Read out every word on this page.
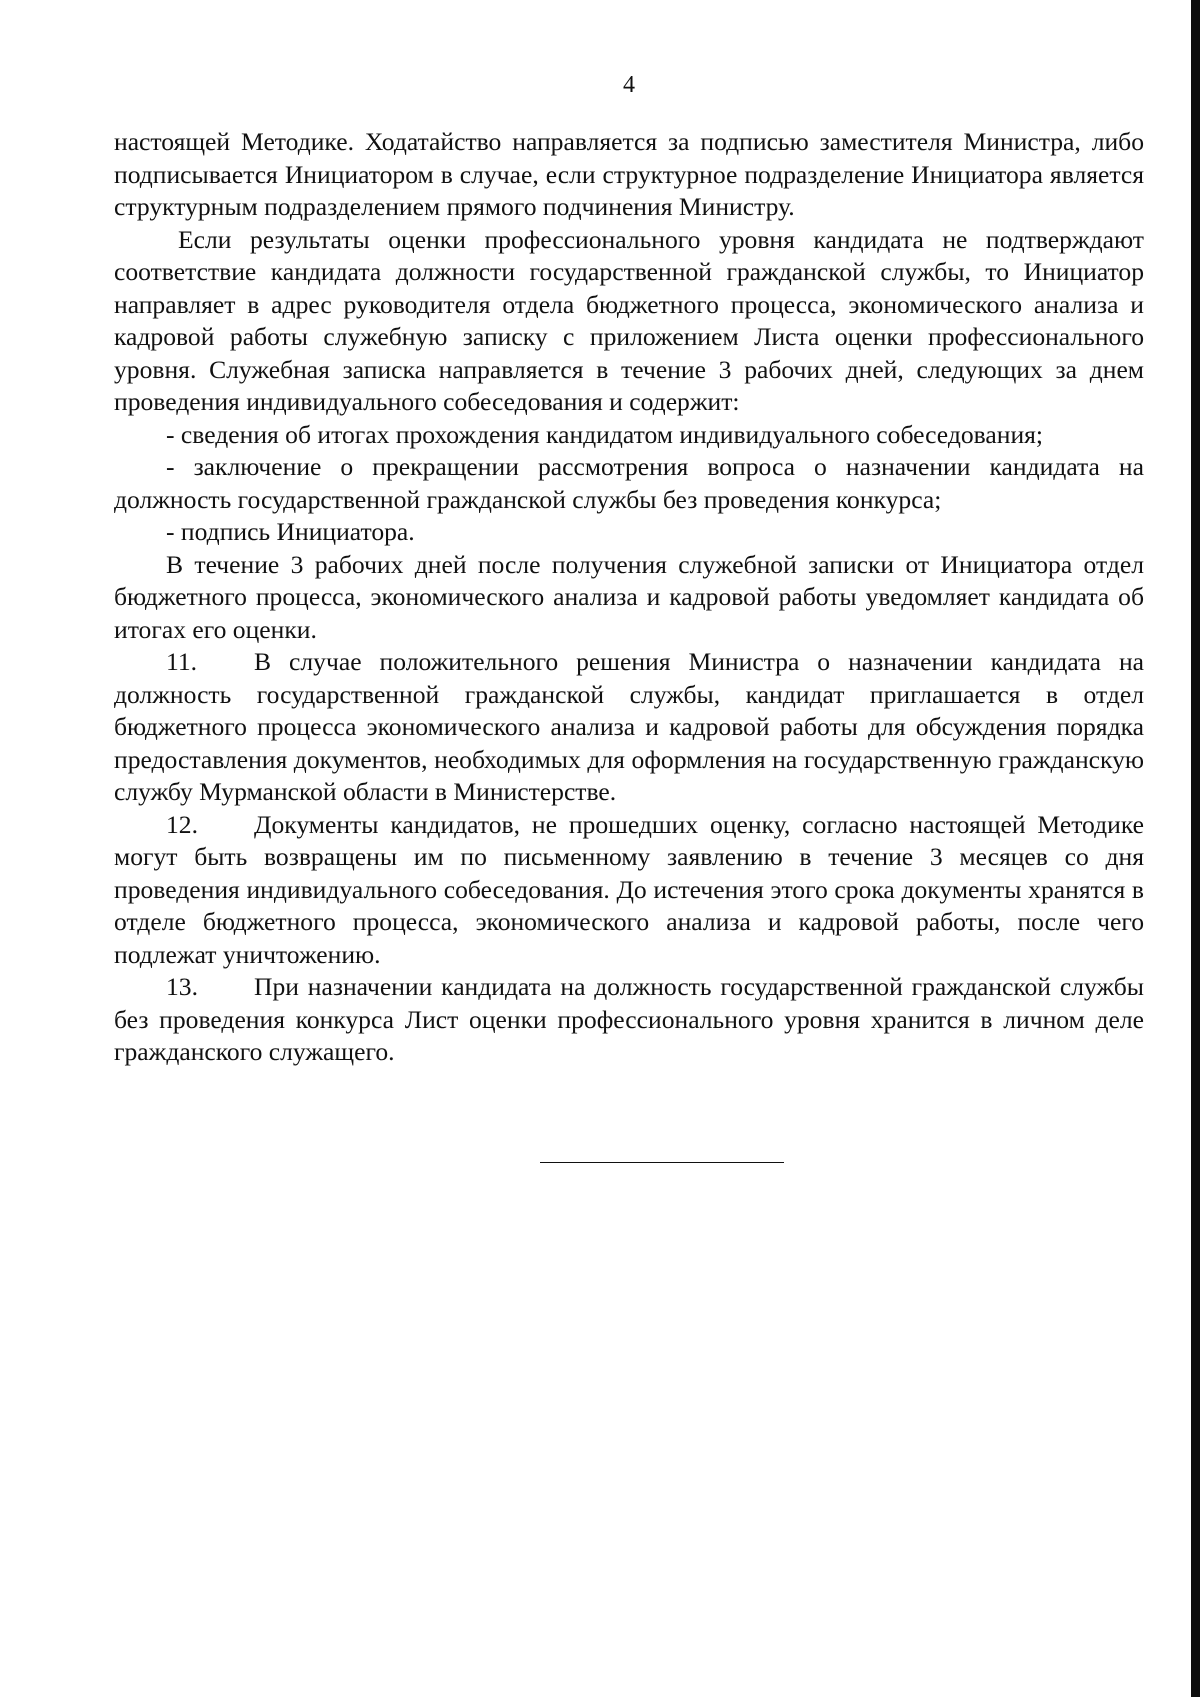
4

настоящей Методике. Ходатайство направляется за подписью заместителя Министра, либо подписывается Инициатором в случае, если структурное подразделение Инициатора является структурным подразделением прямого подчинения Министру.

Если результаты оценки профессионального уровня кандидата не подтверждают соответствие кандидата должности государственной гражданской службы, то Инициатор направляет в адрес руководителя отдела бюджетного процесса, экономического анализа и кадровой работы служебную записку с приложением Листа оценки профессионального уровня. Служебная записка направляется в течение 3 рабочих дней, следующих за днем проведения индивидуального собеседования и содержит:

- сведения об итогах прохождения кандидатом индивидуального собеседования;

- заключение о прекращении рассмотрения вопроса о назначении кандидата на должность государственной гражданской службы без проведения конкурса;

- подпись Инициатора.

В течение 3 рабочих дней после получения служебной записки от Инициатора отдел бюджетного процесса, экономического анализа и кадровой работы уведомляет кандидата об итогах его оценки.

11. В случае положительного решения Министра о назначении кандидата на должность государственной гражданской службы, кандидат приглашается в отдел бюджетного процесса экономического анализа и кадровой работы для обсуждения порядка предоставления документов, необходимых для оформления на государственную гражданскую службу Мурманской области в Министерстве.

12. Документы кандидатов, не прошедших оценку, согласно настоящей Методике могут быть возвращены им по письменному заявлению в течение 3 месяцев со дня проведения индивидуального собеседования. До истечения этого срока документы хранятся в отделе бюджетного процесса, экономического анализа и кадровой работы, после чего подлежат уничтожению.

13. При назначении кандидата на должность государственной гражданской службы без проведения конкурса Лист оценки профессионального уровня хранится в личном деле гражданского служащего.
